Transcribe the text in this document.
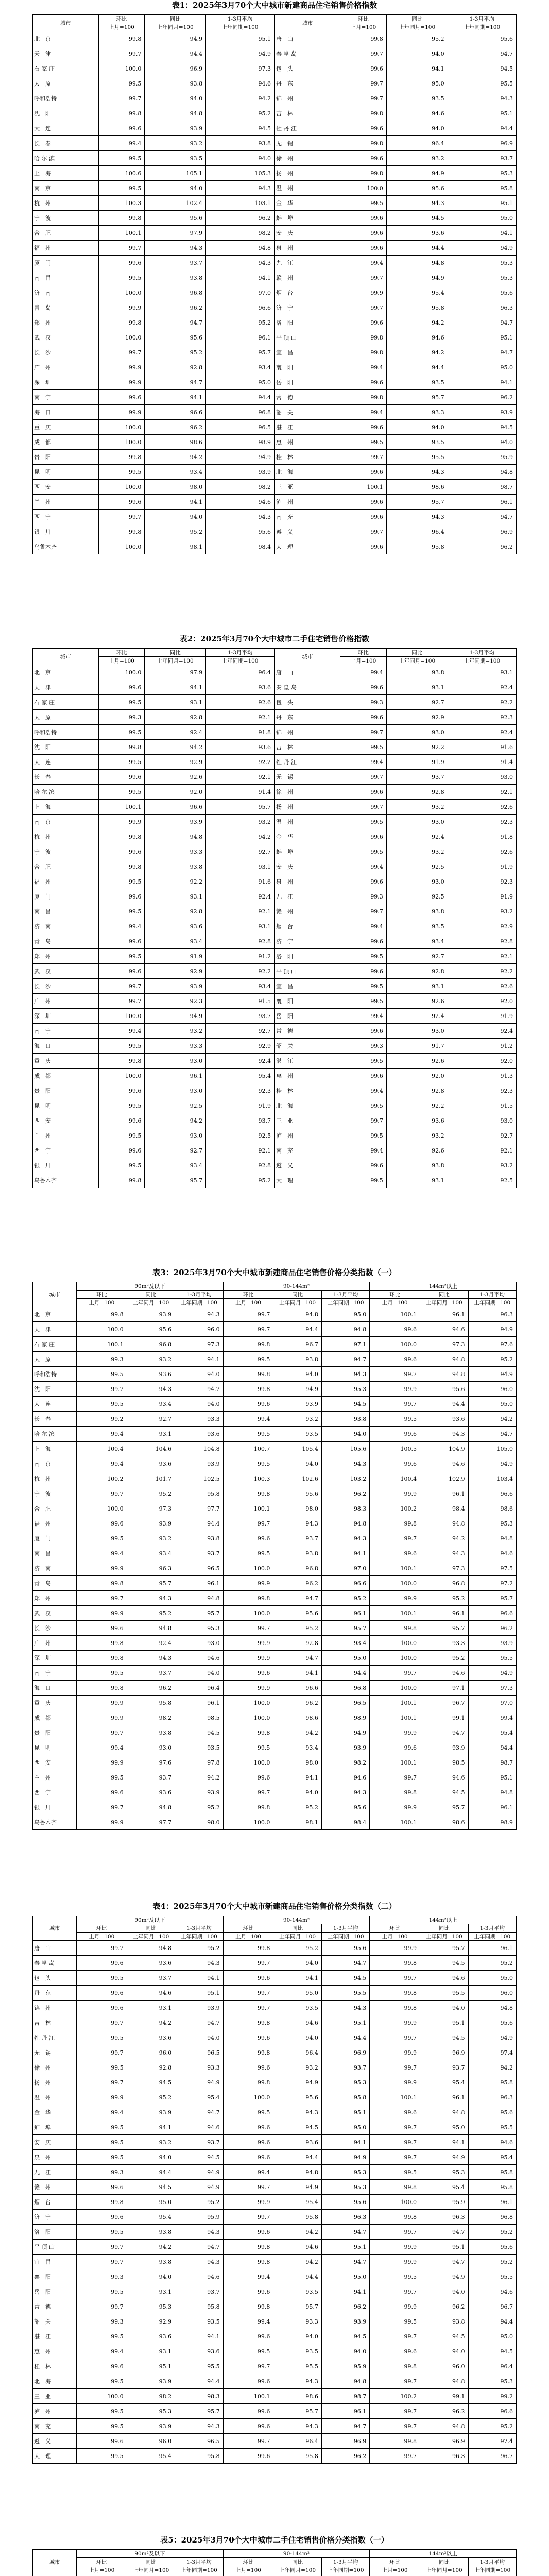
表1：2025年3月70个大中城市新建商品住宅销售价格指数
城市	环比	同比	1-3月平均	城市	环比	同比	1-3月平均
	上月=100	上年同月=100	上年同期=100		上月=100	上年同月=100	上年同期=100
北　京	99.8	94.9	95.1	唐　山	99.8	95.2	95.6
天　津	99.7	94.4	94.9	秦 皇 岛	99.7	94.0	94.7
石 家 庄	100.0	96.9	97.3	包　头	99.6	94.1	94.5
太　原	99.5	93.8	94.6	丹　东	99.7	95.0	95.5
呼和浩特	99.7	94.0	94.2	锦　州	99.7	93.5	94.3
沈　阳	99.8	94.8	95.2	吉　林	99.8	94.6	95.1
大　连	99.6	93.9	94.5	牡 丹 江	99.6	94.0	94.4
长　春	99.4	93.2	93.8	无　锡	99.8	96.4	96.9
哈 尔 滨	99.5	93.5	94.0	徐　州	99.6	93.2	93.7
上　海	100.6	105.1	105.3	扬　州	99.8	94.9	95.3
南　京	99.5	94.0	94.3	温　州	100.0	95.6	95.8
杭　州	100.3	102.4	103.1	金　华	99.5	94.3	95.1
宁　波	99.8	95.6	96.2	蚌　埠	99.6	94.5	95.0
合　肥	100.1	97.9	98.2	安　庆	99.6	93.6	94.1
福　州	99.7	94.3	94.8	泉　州	99.6	94.4	94.9
厦　门	99.6	93.7	94.3	九　江	99.4	94.8	95.3
南　昌	99.5	93.8	94.1	赣　州	99.7	94.9	95.3
济　南	100.0	96.8	97.0	烟　台	99.9	95.4	95.6
青　岛	99.9	96.2	96.6	济　宁	99.7	95.8	96.3
郑　州	99.8	94.7	95.2	洛　阳	99.6	94.2	94.7
武　汉	100.0	95.6	96.1	平 顶 山	99.8	94.6	95.1
长　沙	99.7	95.2	95.7	宜　昌	99.8	94.2	94.7
广　州	99.9	92.8	93.4	襄　阳	99.4	94.4	95.0
深　圳	99.9	94.7	95.0	岳　阳	99.6	93.5	94.1
南　宁	99.6	94.1	94.4	常　德	99.8	95.7	96.2
海　口	99.9	96.6	96.8	韶　关	99.4	93.3	93.9
重　庆	100.0	96.2	96.5	湛　江	99.6	94.0	94.5
成　都	100.0	98.6	98.9	惠　州	99.5	93.5	94.0
贵　阳	99.8	94.2	94.9	桂　林	99.7	95.5	95.9
昆　明	99.5	93.4	93.9	北　海	99.6	94.3	94.8
西　安	100.0	98.0	98.2	三　亚	100.1	98.6	98.7
兰　州	99.6	94.1	94.6	泸　州	99.6	95.7	96.1
西　宁	99.7	94.0	94.3	南　充	99.6	94.3	94.7
银　川	99.8	95.2	95.6	遵　义	99.7	96.4	96.9
乌鲁木齐	100.0	98.1	98.4	大　理	99.6	95.8	96.2
表2：2025年3月70个大中城市二手住宅销售价格指数
城市	环比	同比	1-3月平均	城市	环比	同比	1-3月平均
	上月=100	上年同月=100	上年同期=100		上月=100	上年同月=100	上年同期=100
北　京	100.0	97.9	96.4	唐　山	99.4	93.8	93.1
天　津	99.6	94.1	93.6	秦 皇 岛	99.6	93.1	92.4
石 家 庄	99.5	93.1	92.6	包　头	99.3	92.7	92.2
太　原	99.3	92.8	92.1	丹　东	99.6	92.9	92.3
呼和浩特	99.5	92.4	91.8	锦　州	99.7	93.0	92.4
沈　阳	99.8	94.2	93.6	吉　林	99.5	92.2	91.6
大　连	99.5	92.9	92.2	牡 丹 江	99.4	91.9	91.4
长　春	99.6	92.6	92.1	无　锡	99.7	93.7	93.0
哈 尔 滨	99.5	92.0	91.4	徐　州	99.6	92.8	92.1
上　海	100.1	96.6	95.7	扬　州	99.7	93.2	92.6
南　京	99.9	93.9	93.2	温　州	99.5	93.0	92.3
杭　州	99.8	94.8	94.2	金　华	99.6	92.4	91.8
宁　波	99.6	93.3	92.7	蚌　埠	99.5	93.2	92.6
合　肥	99.8	93.8	93.1	安　庆	99.4	92.5	91.9
福　州	99.5	92.2	91.6	泉　州	99.6	93.0	92.3
厦　门	99.6	93.1	92.4	九　江	99.3	92.5	91.9
南　昌	99.5	92.8	92.1	赣　州	99.7	93.8	93.2
济　南	99.4	93.6	93.1	烟　台	99.4	93.5	92.9
青　岛	99.6	93.4	92.8	济　宁	99.6	93.4	92.8
郑　州	99.5	91.9	91.2	洛　阳	99.5	92.7	92.1
武　汉	99.6	92.9	92.2	平 顶 山	99.6	92.8	92.2
长　沙	99.7	93.9	93.4	宜　昌	99.5	93.1	92.6
广　州	99.7	92.3	91.5	襄　阳	99.5	92.6	92.0
深　圳	100.0	94.9	93.7	岳　阳	99.4	92.4	91.9
南　宁	99.4	93.2	92.7	常　德	99.6	93.0	92.4
海　口	99.5	93.3	92.9	韶　关	99.3	91.7	91.2
重　庆	99.8	93.0	92.4	湛　江	99.5	92.6	92.0
成　都	100.0	96.1	95.4	惠　州	99.6	92.0	91.3
贵　阳	99.6	93.0	92.3	桂　林	99.4	92.8	92.3
昆　明	99.5	92.5	91.9	北　海	99.5	92.2	91.5
西　安	99.6	94.2	93.7	三　亚	99.7	93.6	93.0
兰　州	99.5	93.0	92.5	泸　州	99.5	93.2	92.7
西　宁	99.6	92.7	92.1	南　充	99.4	92.6	92.1
银　川	99.5	93.4	92.8	遵　义	99.6	93.8	93.2
乌鲁木齐	99.8	95.7	95.2	大　理	99.5	93.1	92.5
表3：2025年3月70个大中城市新建商品住宅销售价格分类指数（一）
城市	90m²及以下			90-144m²			144m²以上		
	环比	同比	1-3月平均	环比	同比	1-3月平均	环比	同比	1-3月平均
	上月=100	上年同月=100	上年同期=100	上月=100	上年同月=100	上年同期=100	上月=100	上年同月=100	上年同期=100
北　京	99.8	93.9	94.3	99.7	94.8	95.0	100.1	96.1	96.3
天　津	100.0	95.6	96.0	99.7	94.4	94.8	99.6	94.6	94.9
石 家 庄	100.1	96.8	97.3	99.8	96.7	97.1	100.0	97.3	97.6
太　原	99.3	93.2	94.1	99.5	93.8	94.7	99.6	94.8	95.2
呼和浩特	99.5	93.6	94.0	99.8	94.0	94.3	99.7	94.8	94.9
沈　阳	99.7	94.3	94.7	99.8	94.9	95.3	99.9	95.6	96.0
大　连	99.5	93.4	94.0	99.6	93.9	94.5	99.7	94.4	95.0
长　春	99.2	92.7	93.3	99.4	93.2	93.8	99.5	93.6	94.2
哈 尔 滨	99.4	93.1	93.6	99.5	93.5	94.0	99.6	94.3	94.7
上　海	100.4	104.6	104.8	100.7	105.4	105.6	100.5	104.9	105.0
南　京	99.4	93.6	93.9	99.5	94.0	94.3	99.6	94.6	94.9
杭　州	100.2	101.7	102.5	100.3	102.6	103.2	100.4	102.9	103.4
宁　波	99.7	95.2	95.8	99.8	95.6	96.2	99.9	96.1	96.6
合　肥	100.0	97.3	97.7	100.1	98.0	98.3	100.2	98.4	98.6
福　州	99.6	93.9	94.4	99.7	94.3	94.8	99.8	94.8	95.3
厦　门	99.5	93.2	93.8	99.6	93.7	94.3	99.7	94.2	94.8
南　昌	99.4	93.4	93.7	99.5	93.8	94.1	99.6	94.3	94.6
济　南	99.9	96.3	96.5	100.0	96.8	97.0	100.1	97.3	97.5
青　岛	99.8	95.7	96.1	99.9	96.2	96.6	100.0	96.8	97.2
郑　州	99.7	94.3	94.8	99.8	94.7	95.2	99.9	95.2	95.7
武　汉	99.9	95.2	95.7	100.0	95.6	96.1	100.1	96.1	96.6
长　沙	99.6	94.8	95.3	99.7	95.2	95.7	99.8	95.7	96.2
广　州	99.8	92.4	93.0	99.9	92.8	93.4	100.0	93.3	93.9
深　圳	99.8	94.3	94.6	99.9	94.7	95.0	100.0	95.2	95.5
南　宁	99.5	93.7	94.0	99.6	94.1	94.4	99.7	94.6	94.9
海　口	99.8	96.2	96.4	99.9	96.6	96.8	100.0	97.1	97.3
重　庆	99.9	95.8	96.1	100.0	96.2	96.5	100.1	96.7	97.0
成　都	99.9	98.2	98.5	100.0	98.6	98.9	100.1	99.1	99.4
贵　阳	99.7	93.8	94.5	99.8	94.2	94.9	99.9	94.7	95.4
昆　明	99.4	93.0	93.5	99.5	93.4	93.9	99.6	93.9	94.4
西　安	99.9	97.6	97.8	100.0	98.0	98.2	100.1	98.5	98.7
兰　州	99.5	93.7	94.2	99.6	94.1	94.6	99.7	94.6	95.1
西　宁	99.6	93.6	93.9	99.7	94.0	94.3	99.8	94.5	94.8
银　川	99.7	94.8	95.2	99.8	95.2	95.6	99.9	95.7	96.1
乌鲁木齐	99.9	97.7	98.0	100.0	98.1	98.4	100.1	98.6	98.9
表4：2025年3月70个大中城市新建商品住宅销售价格分类指数（二）
城市	90m²及以下			90-144m²			144m²以上		
	环比	同比	1-3月平均	环比	同比	1-3月平均	环比	同比	1-3月平均
	上月=100	上年同月=100	上年同期=100	上月=100	上年同月=100	上年同期=100	上月=100	上年同月=100	上年同期=100
唐　山	99.7	94.8	95.2	99.8	95.2	95.6	99.9	95.7	96.1
秦 皇 岛	99.6	93.6	94.3	99.7	94.0	94.7	99.8	94.5	95.2
包　头	99.5	93.7	94.1	99.6	94.1	94.5	99.7	94.6	95.0
丹　东	99.6	94.6	95.1	99.7	95.0	95.5	99.8	95.5	96.0
锦　州	99.6	93.1	93.9	99.7	93.5	94.3	99.8	94.0	94.8
吉　林	99.7	94.2	94.7	99.8	94.6	95.1	99.9	95.1	95.6
牡 丹 江	99.5	93.6	94.0	99.6	94.0	94.4	99.7	94.5	94.9
无　锡	99.7	96.0	96.5	99.8	96.4	96.9	99.9	96.9	97.4
徐　州	99.5	92.8	93.3	99.6	93.2	93.7	99.7	93.7	94.2
扬　州	99.7	94.5	94.9	99.8	94.9	95.3	99.9	95.4	95.8
温　州	99.9	95.2	95.4	100.0	95.6	95.8	100.1	96.1	96.3
金　华	99.4	93.9	94.7	99.5	94.3	95.1	99.6	94.8	95.6
蚌　埠	99.5	94.1	94.6	99.6	94.5	95.0	99.7	95.0	95.5
安　庆	99.5	93.2	93.7	99.6	93.6	94.1	99.7	94.1	94.6
泉　州	99.5	94.0	94.5	99.6	94.4	94.9	99.7	94.9	95.4
九　江	99.3	94.4	94.9	99.4	94.8	95.3	99.5	95.3	95.8
赣　州	99.6	94.5	94.9	99.7	94.9	95.3	99.8	95.4	95.8
烟　台	99.8	95.0	95.2	99.9	95.4	95.6	100.0	95.9	96.1
济　宁	99.6	95.4	95.9	99.7	95.8	96.3	99.8	96.3	96.8
洛　阳	99.5	93.8	94.3	99.6	94.2	94.7	99.7	94.7	95.2
平 顶 山	99.7	94.2	94.7	99.8	94.6	95.1	99.9	95.1	95.6
宜　昌	99.7	93.8	94.3	99.8	94.2	94.7	99.9	94.7	95.2
襄　阳	99.3	94.0	94.6	99.4	94.4	95.0	99.5	94.9	95.5
岳　阳	99.5	93.1	93.7	99.6	93.5	94.1	99.7	94.0	94.6
常　德	99.7	95.3	95.8	99.8	95.7	96.2	99.9	96.2	96.7
韶　关	99.3	92.9	93.5	99.4	93.3	93.9	99.5	93.8	94.4
湛　江	99.5	93.6	94.1	99.6	94.0	94.5	99.7	94.5	95.0
惠　州	99.4	93.1	93.6	99.5	93.5	94.0	99.6	94.0	94.5
桂　林	99.6	95.1	95.5	99.7	95.5	95.9	99.8	96.0	96.4
北　海	99.5	93.9	94.4	99.6	94.3	94.8	99.7	94.8	95.3
三　亚	100.0	98.2	98.3	100.1	98.6	98.7	100.2	99.1	99.2
泸　州	99.5	95.3	95.7	99.6	95.7	96.1	99.7	96.2	96.6
南　充	99.5	93.9	94.3	99.6	94.3	94.7	99.7	94.8	95.2
遵　义	99.6	96.0	96.5	99.7	96.4	96.9	99.8	96.9	97.4
大　理	99.5	95.4	95.8	99.6	95.8	96.2	99.7	96.3	96.7
表5：2025年3月70个大中城市二手住宅销售价格分类指数（一）
城市	90m²及以下			90-144m²			144m²以上		
	环比	同比	1-3月平均	环比	同比	1-3月平均	环比	同比	1-3月平均
	上月=100	上年同月=100	上年同期=100	上月=100	上年同月=100	上年同期=100	上月=100	上年同月=100	上年同期=100
